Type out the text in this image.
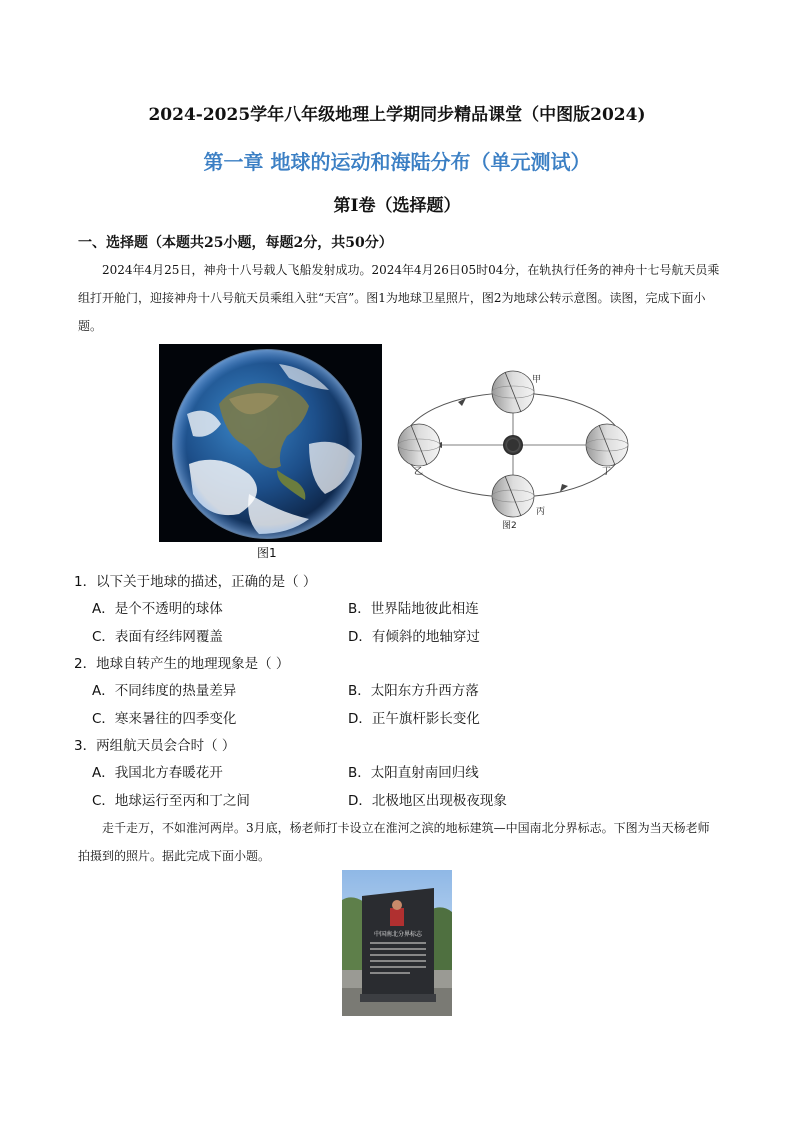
2024-2025学年八年级地理上学期同步精品课堂（中图版2024)
第一章 地球的运动和海陆分布（单元测试）
第I卷（选择题）
一、选择题（本题共25小题，每题2分，共50分）
2024年4月25日，神舟十八号载人飞船发射成功。2024年4月26日05时04分，在轨执行任务的神舟十七号航天员乘组打开舱门，迎接神舟十八号航天员乘组入驻“天宫”。图1为地球卫星照片，图2为地球公转示意图。读图，完成下面小题。
图1
甲
乙
丙
丁
图2
1．以下关于地球的描述，正确的是（ ）
A．是个不透明的球体	B．世界陆地彼此相连
C．表面有经纬网覆盖	D．有倾斜的地轴穿过
2．地球自转产生的地理现象是（ ）
A．不同纬度的热量差异	B．太阳东方升西方落
C．寒来暑往的四季变化	D．正午旗杆影长变化
3．两组航天员会合时（ ）
A．我国北方春暖花开	B．太阳直射南回归线
C．地球运行至丙和丁之间	D．北极地区出现极夜现象
走千走万，不如淮河两岸。3月底，杨老师打卡设立在淮河之滨的地标建筑—中国南北分界标志。下图为当天杨老师拍摄到的照片。据此完成下面小题。
中国南北分界标志
